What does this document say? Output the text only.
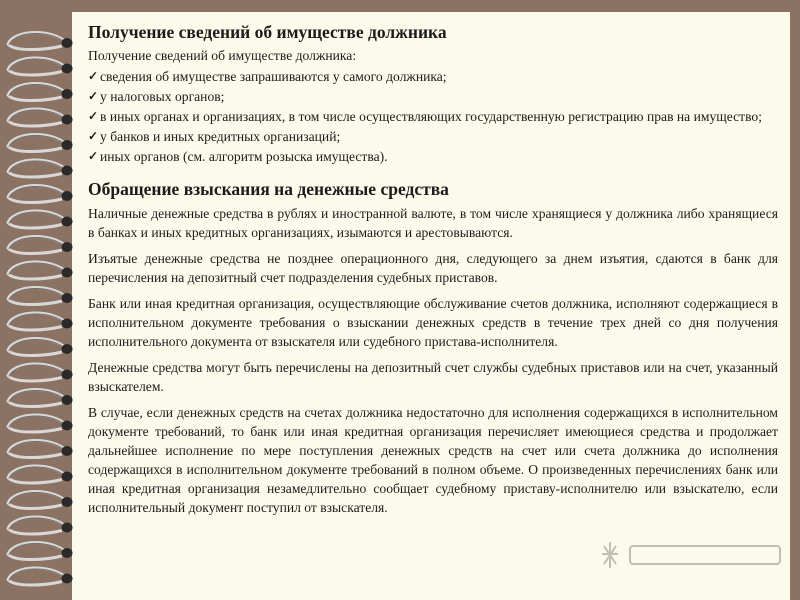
Получение сведений об имуществе должника

Получение сведений об имуществе должника:

✓ сведения об имуществе запрашиваются у самого должника;
✓ у налоговых органов;
✓ в иных органах и организациях, в том числе осуществляющих государственную регистрацию прав на имущество;
✓ у банков и иных кредитных организаций;
✓ иных органов (см. алгоритм розыска имущества).
Обращение взыскания на денежные средства

Наличные денежные средства в рублях и иностранной валюте, в том числе хранящиеся у должника либо хранящиеся в банках и иных кредитных организациях, изымаются и арестовываются.

Изъятые денежные средства не позднее операционного дня, следующего за днем изъятия, сдаются в банк для перечисления на депозитный счет подразделения судебных приставов.

Банк или иная кредитная организация, осуществляющие обслуживание счетов должника, исполняют содержащиеся в исполнительном документе требования о взыскании денежных средств в течение трех дней со дня получения исполнительного документа от взыскателя или судебного пристава-исполнителя.

Денежные средства могут быть перечислены на депозитный счет службы судебных приставов или на счет, указанный взыскателем.

В случае, если денежных средств на счетах должника недостаточно для исполнения содержащихся в исполнительном документе требований, то банк или иная кредитная организация перечисляет имеющиеся средства и продолжает дальнейшее исполнение по мере поступления денежных средств на счет или счета должника до исполнения содержащихся в исполнительном документе требований в полном объеме. О произведенных перечислениях банк или иная кредитная организация незамедлительно сообщает судебному приставу-исполнителю или взыскателю, если исполнительный документ поступил от взыскателя.
